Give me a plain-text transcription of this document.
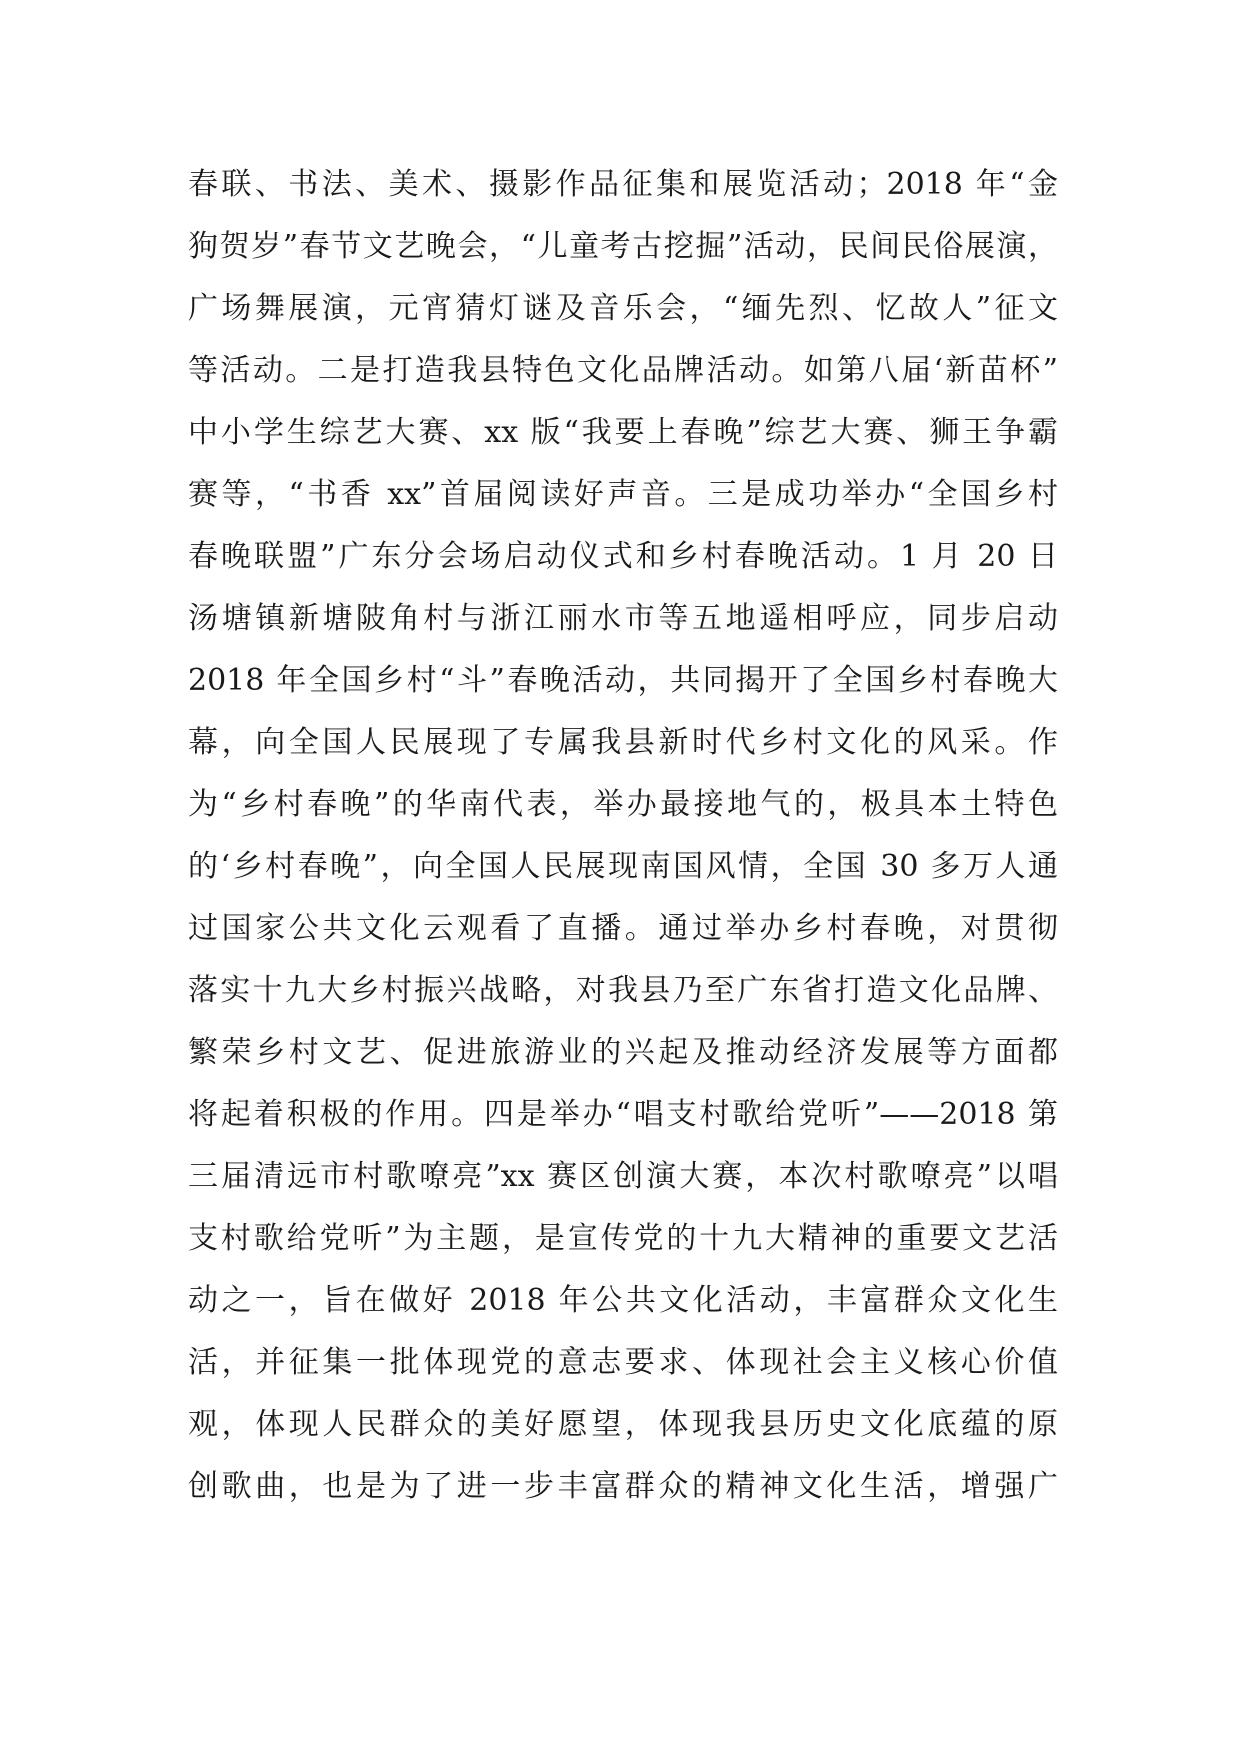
春联、书法、美术、摄影作品征集和展览活动；2018 年“金
狗贺岁”春节文艺晚会，“儿童考古挖掘”活动，民间民俗展演，
广场舞展演，元宵猜灯谜及音乐会，“缅先烈、忆故人”征文
等活动。二是打造我县特色文化品牌活动。如第八届‘新苗杯”
中小学生综艺大赛、xx 版“我要上春晚”综艺大赛、狮王争霸
赛等，“书香 xx”首届阅读好声音。三是成功举办“全国乡村
春晚联盟”广东分会场启动仪式和乡村春晚活动。1 月 20 日
汤塘镇新塘陂角村与浙江丽水市等五地遥相呼应，同步启动
2018 年全国乡村“斗”春晚活动，共同揭开了全国乡村春晚大
幕，向全国人民展现了专属我县新时代乡村文化的风采。作
为“乡村春晚”的华南代表，举办最接地气的，极具本土特色
的‘乡村春晚”，向全国人民展现南国风情，全国 30 多万人通
过国家公共文化云观看了直播。通过举办乡村春晚，对贯彻
落实十九大乡村振兴战略，对我县乃至广东省打造文化品牌、
繁荣乡村文艺、促进旅游业的兴起及推动经济发展等方面都
将起着积极的作用。四是举办“唱支村歌给党听”——2018 第
三届清远市村歌嘹亮”xx 赛区创演大赛，本次村歌嘹亮”以唱
支村歌给党听”为主题，是宣传党的十九大精神的重要文艺活
动之一，旨在做好 2018 年公共文化活动，丰富群众文化生
活，并征集一批体现党的意志要求、体现社会主义核心价值
观，体现人民群众的美好愿望，体现我县历史文化底蕴的原
创歌曲，也是为了进一步丰富群众的精神文化生活，增强广
